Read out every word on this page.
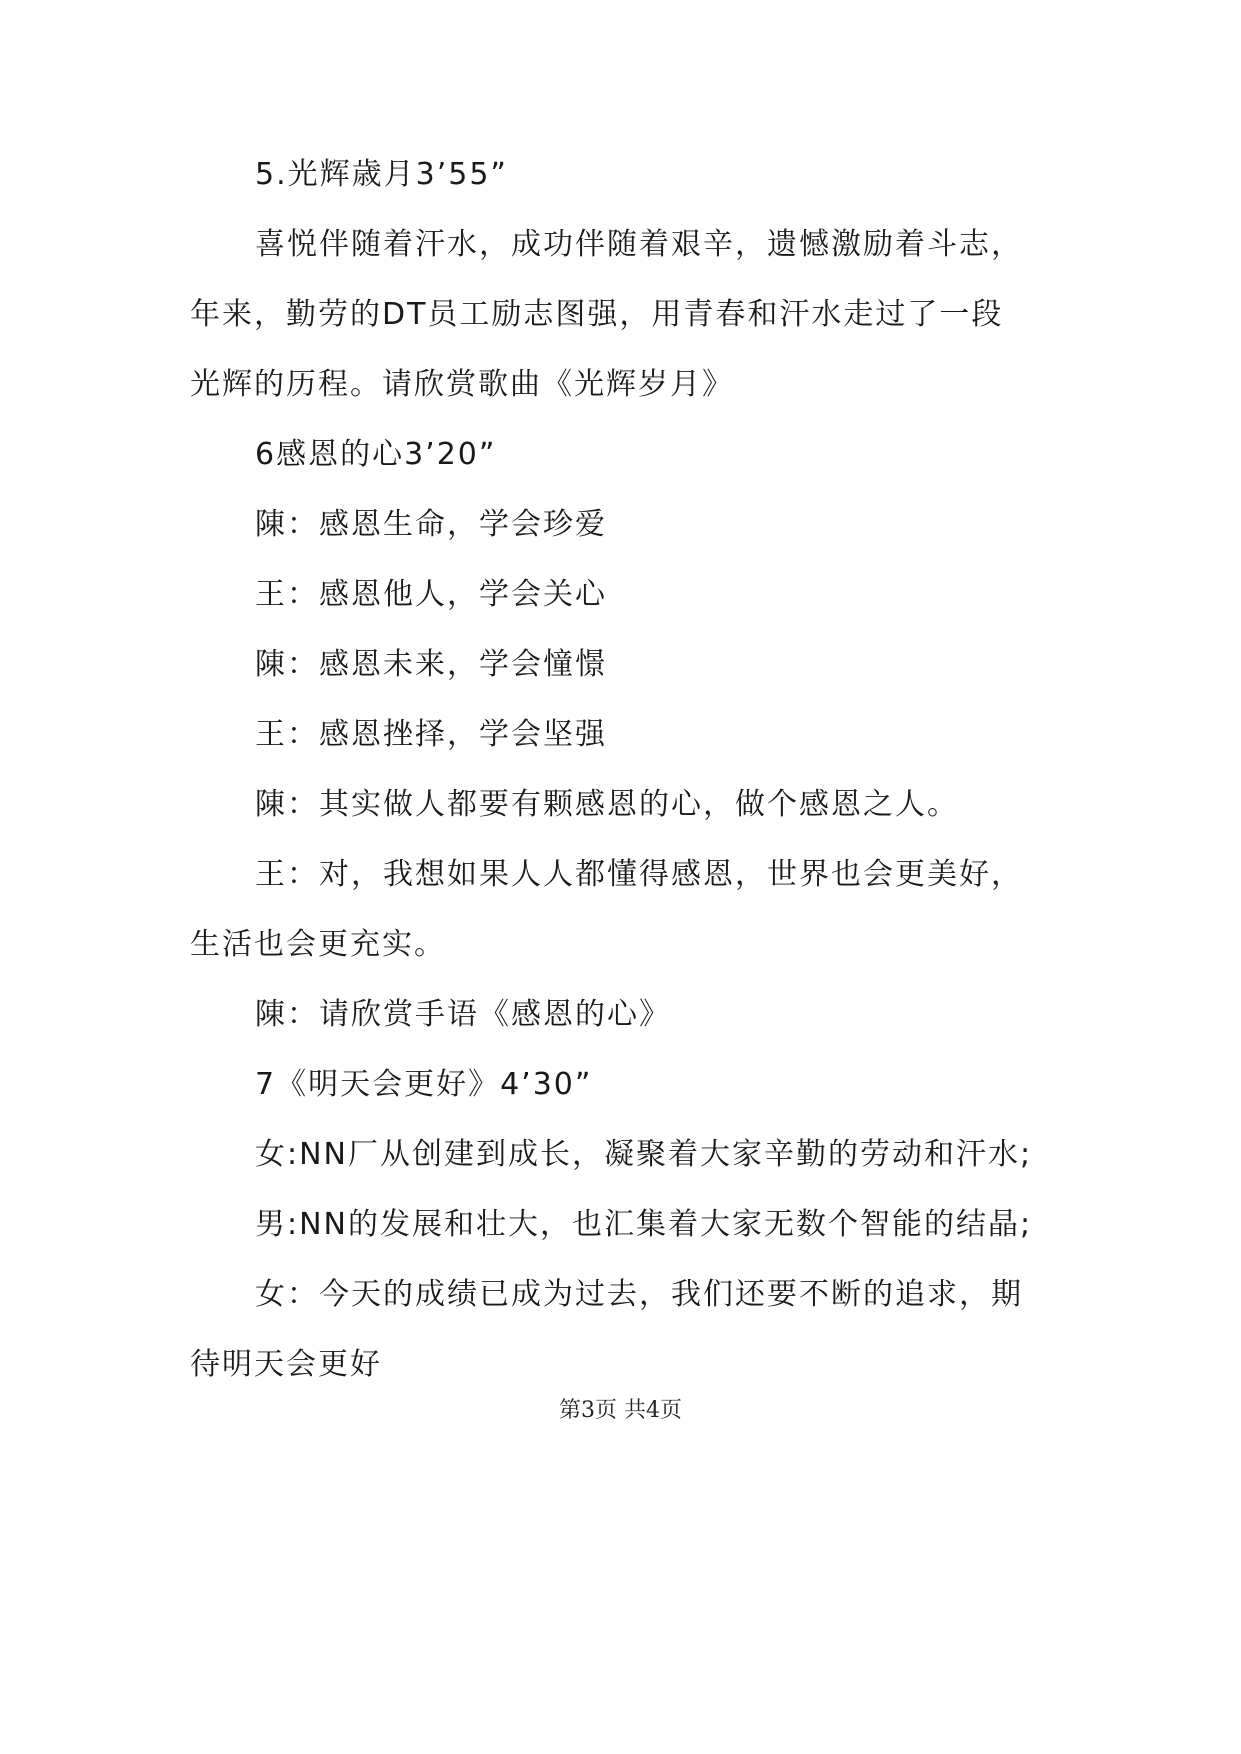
5.光辉歳月3’55”
喜悦伴随着汗水，成功伴随着艰辛，遗憾激励着斗志，
年来，勤劳的DT员工励志图强，用青春和汗水走过了一段
光辉的历程。请欣赏歌曲《光辉岁月》
6感恩的心3’20”
陳：感恩生命，学会珍爱
王：感恩他人，学会关心
陳：感恩未来，学会憧憬
王：感恩挫择，学会坚强
陳：其实做人都要有颗感恩的心，做个感恩之人。
王：对，我想如果人人都懂得感恩，世界也会更美好，
生活也会更充实。
陳：请欣赏手语《感恩的心》
7《明天会更好》4’30”
女:NN厂从创建到成长，凝聚着大家辛勤的劳动和汗水;
男:NN的发展和壮大，也汇集着大家无数个智能的结晶;
女：今天的成绩已成为过去，我们还要不断的追求，期
待明天会更好
第3页 共4页
